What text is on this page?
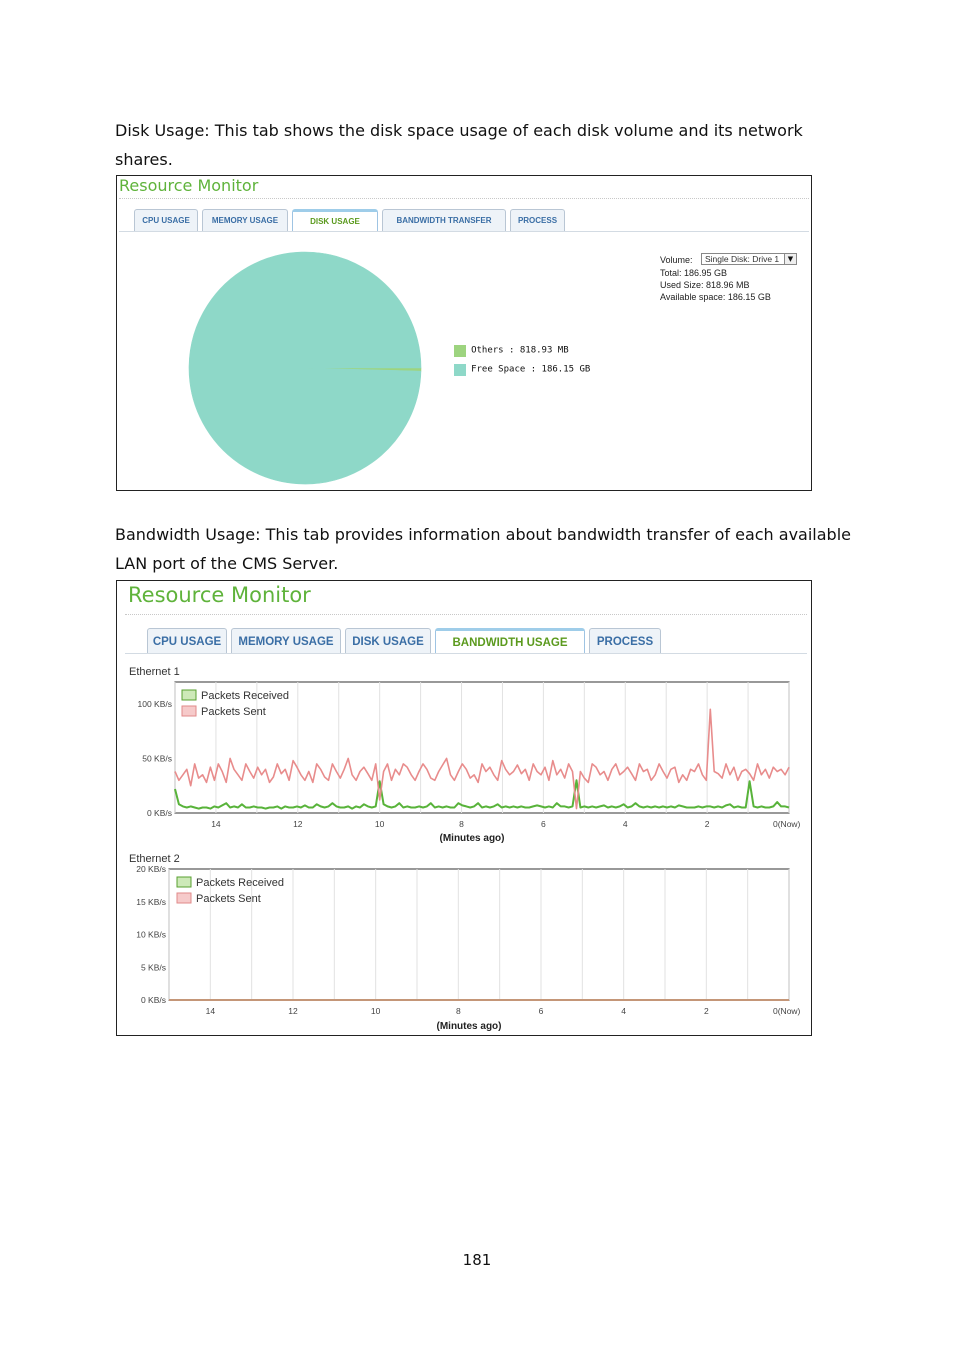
Disk Usage: This tab shows the disk space usage of each disk volume and its network
shares.

Resource Monitor
CPU USAGE	MEMORY USAGE	DISK USAGE	BANDWIDTH TRANSFER	PROCESS
Others : 818.93 MB
Free Space : 186.15 GB
Volume: Single Disk: Drive 1	▼
Total: 186.95 GB
Used Size: 818.96 MB
Available space: 186.15 GB

Bandwidth Usage: This tab provides information about bandwidth transfer of each available
LAN port of the CMS Server.

Resource Monitor
CPU USAGE	MEMORY USAGE	DISK USAGE	BANDWIDTH USAGE	PROCESS
Ethernet 1
14	12	10	8	6	4	2	0(Now)
(Minutes ago)
0 KB/s
50 KB/s
100 KB/s
Packets Received
Packets Sent
Ethernet 2
14	12	10	8	6	4	2	0(Now)
(Minutes ago)
0 KB/s
5 KB/s
10 KB/s
15 KB/s
20 KB/s
Packets Received
Packets Sent
181
